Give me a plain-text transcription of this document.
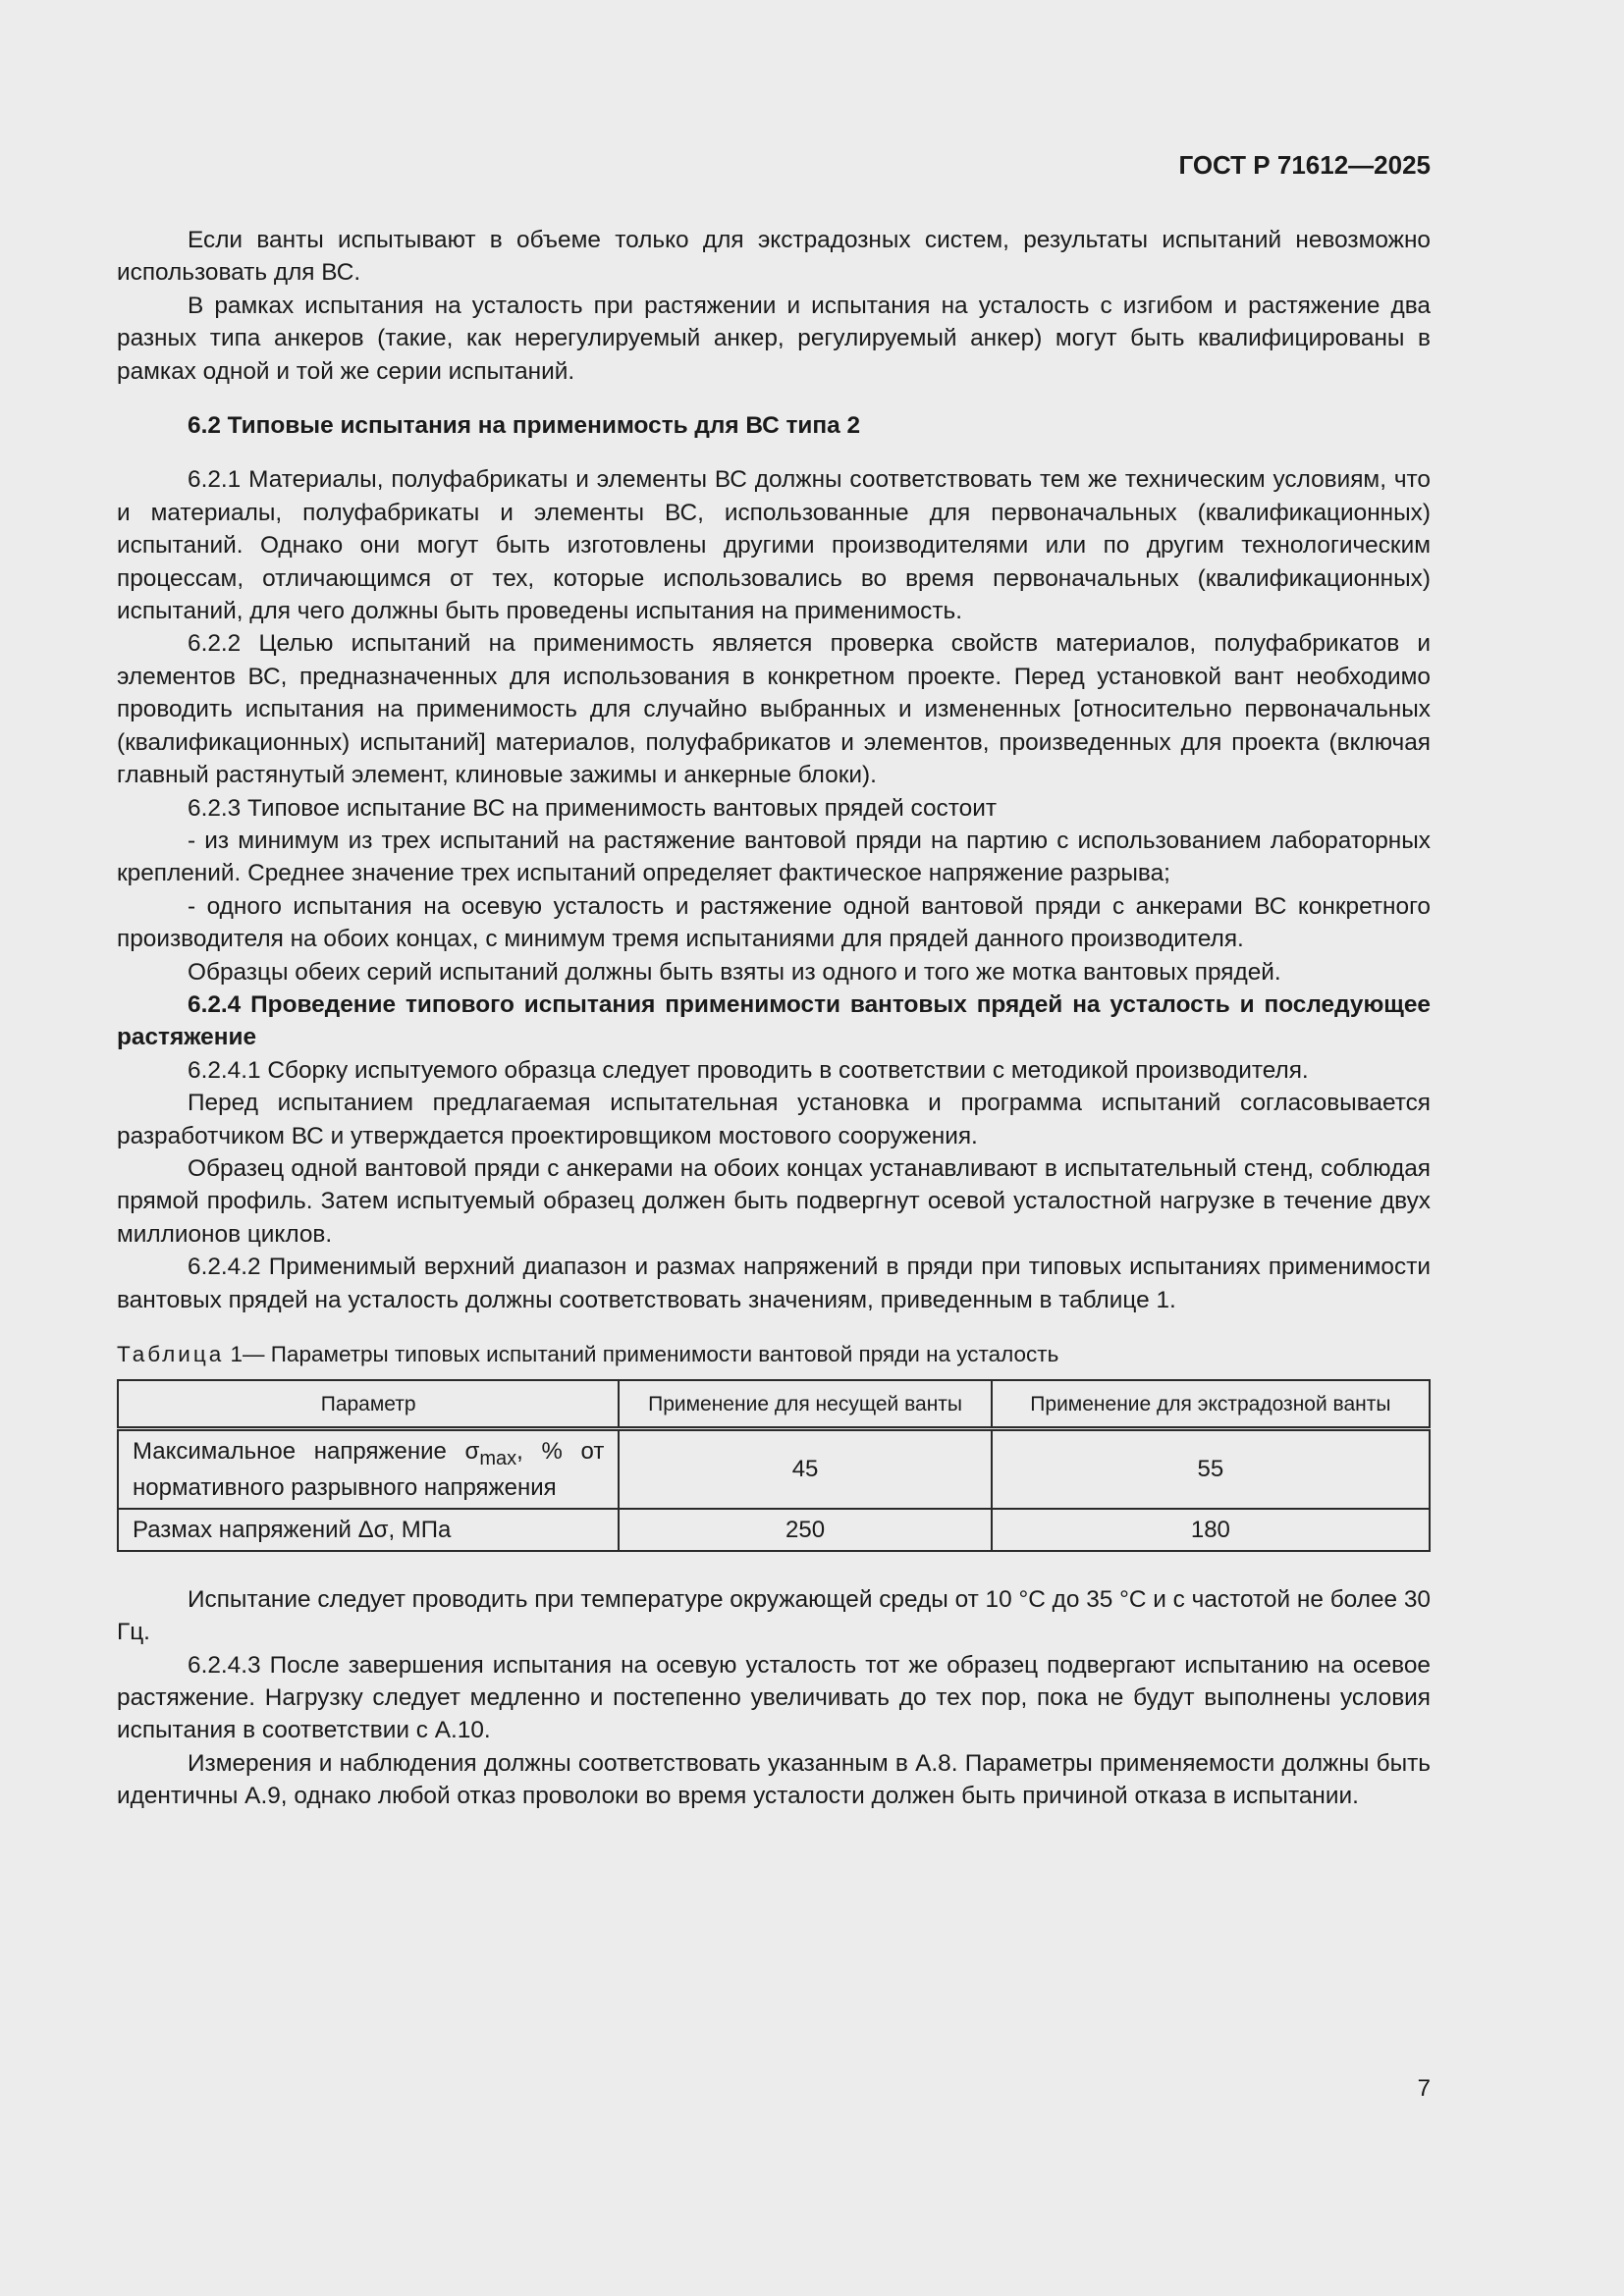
ГОСТ Р 71612—2025

Если ванты испытывают в объеме только для экстрадозных систем, результаты испытаний невозможно использовать для ВС.

В рамках испытания на усталость при растяжении и испытания на усталость с изгибом и растяжение два разных типа анкеров (такие, как нерегулируемый анкер, регулируемый анкер) могут быть квалифицированы в рамках одной и той же серии испытаний.

6.2 Типовые испытания на применимость для ВС типа 2

6.2.1 Материалы, полуфабрикаты и элементы ВС должны соответствовать тем же техническим условиям, что и материалы, полуфабрикаты и элементы ВС, использованные для первоначальных (квалификационных) испытаний. Однако они могут быть изготовлены другими производителями или по другим технологическим процессам, отличающимся от тех, которые использовались во время первоначальных (квалификационных) испытаний, для чего должны быть проведены испытания на применимость.

6.2.2 Целью испытаний на применимость является проверка свойств материалов, полуфабрикатов и элементов ВС, предназначенных для использования в конкретном проекте. Перед установкой вант необходимо проводить испытания на применимость для случайно выбранных и измененных [относительно первоначальных (квалификационных) испытаний] материалов, полуфабрикатов и элементов, произведенных для проекта (включая главный растянутый элемент, клиновые зажимы и анкерные блоки).

6.2.3 Типовое испытание ВС на применимость вантовых прядей состоит

- из минимум из трех испытаний на растяжение вантовой пряди на партию с использованием лабораторных креплений. Среднее значение трех испытаний определяет фактическое напряжение разрыва;

- одного испытания на осевую усталость и растяжение одной вантовой пряди с анкерами ВС конкретного производителя на обоих концах, с минимум тремя испытаниями для прядей данного производителя.

Образцы обеих серий испытаний должны быть взяты из одного и того же мотка вантовых прядей.

6.2.4 Проведение типового испытания применимости вантовых прядей на усталость и последующее растяжение

6.2.4.1 Сборку испытуемого образца следует проводить в соответствии с методикой производителя.

Перед испытанием предлагаемая испытательная установка и программа испытаний согласовывается разработчиком ВС и утверждается проектировщиком мостового сооружения.

Образец одной вантовой пряди с анкерами на обоих концах устанавливают в испытательный стенд, соблюдая прямой профиль. Затем испытуемый образец должен быть подвергнут осевой усталостной нагрузке в течение двух миллионов циклов.

6.2.4.2 Применимый верхний диапазон и размах напряжений в пряди при типовых испытаниях применимости вантовых прядей на усталость должны соответствовать значениям, приведенным в таблице 1.

Таблица 1— Параметры типовых испытаний применимости вантовой пряди на усталость
Параметр	Применение для несущей ванты	Применение для экстрадозной ванты
Максимальное напряжение $\sigma_{max}$, % от нормативного разрывного напряжения	45	55
Размах напряжений Δσ, МПа	250	180

Испытание следует проводить при температуре окружающей среды от 10 °С до 35 °С и с частотой не более 30 Гц.

6.2.4.3 После завершения испытания на осевую усталость тот же образец подвергают испытанию на осевое растяжение. Нагрузку следует медленно и постепенно увеличивать до тех пор, пока не будут выполнены условия испытания в соответствии с А.10.

Измерения и наблюдения должны соответствовать указанным в А.8. Параметры применяемости должны быть идентичны А.9, однако любой отказ проволоки во время усталости должен быть причиной отказа в испытании.

7
